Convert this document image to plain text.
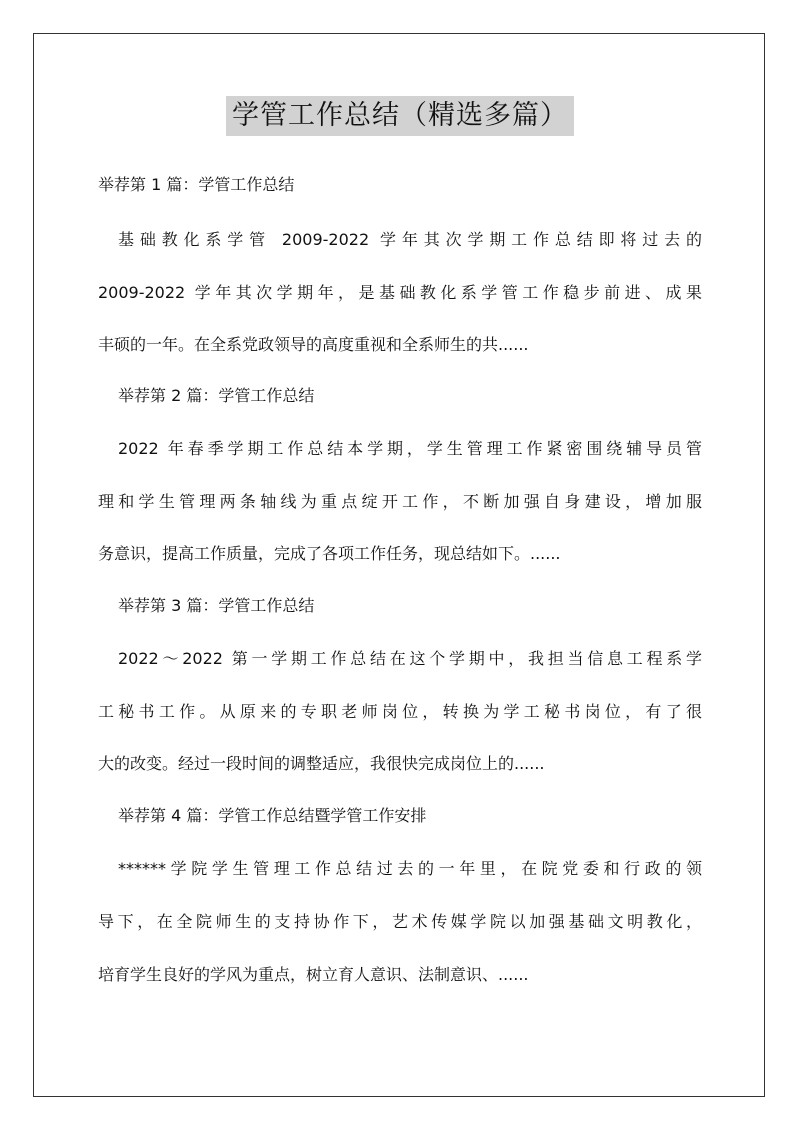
学管工作总结（精选多篇）
举荐第 1 篇：学管工作总结
基础教化系学管 2009-2022 学年其次学期工作总结即将过去的
2009-2022 学年其次学期年，是基础教化系学管工作稳步前进、成果
丰硕的一年。在全系党政领导的高度重视和全系师生的共......
举荐第 2 篇：学管工作总结
2022 年春季学期工作总结本学期，学生管理工作紧密围绕辅导员管
理和学生管理两条轴线为重点绽开工作，不断加强自身建设，增加服
务意识，提高工作质量，完成了各项工作任务，现总结如下。......
举荐第 3 篇：学管工作总结
2022～2022 第一学期工作总结在这个学期中，我担当信息工程系学
工秘书工作。从原来的专职老师岗位，转换为学工秘书岗位，有了很
大的改变。经过一段时间的调整适应，我很快完成岗位上的......
举荐第 4 篇：学管工作总结暨学管工作安排
******学院学生管理工作总结过去的一年里，在院党委和行政的领
导下，在全院师生的支持协作下，艺术传媒学院以加强基础文明教化，
培育学生良好的学风为重点，树立育人意识、法制意识、......
